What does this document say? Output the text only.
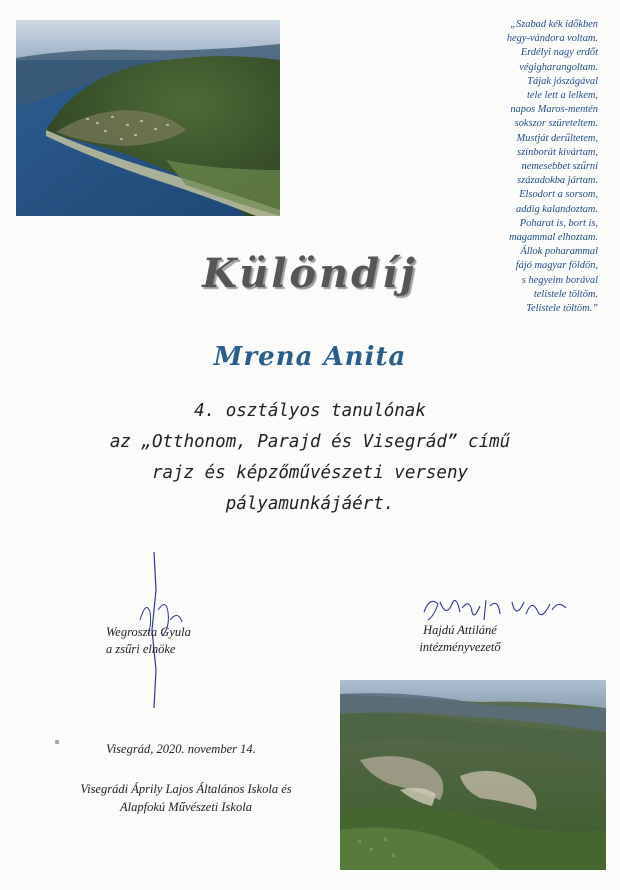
„Szabad kék időkben
hegy-vándora voltam.
Erdélyi nagy erdőt
végigharangoltam.
Tájak jószágával
tele lett a lelkem,
napos Maros-mentén
sokszor szüreteltem.
Mustját derűltetem,
színborát kivártam,
nemesebbet szűrni
századokba jártam.
Elsodort a sorsom,
addig kalandoztam.
Poharat is, bort is,
magammal elhoztam.
Állok poharammal
fájó magyar földön,
s hegyeim borával
telistele töltöm.
Telistele töltöm.”
Különdíj
Mrena Anita
4. osztályos tanulónak
az „Otthonom, Parajd és Visegrád” című
rajz és képzőművészeti verseny
pályamunkájáért.
Wegroszta Gyula
a zsűri elnöke
Hajdú Attiláné
intézményvezető
Visegrád, 2020. november 14.
Visegrádi Áprily Lajos Általános Iskola és
Alapfokú Művészeti Iskola
